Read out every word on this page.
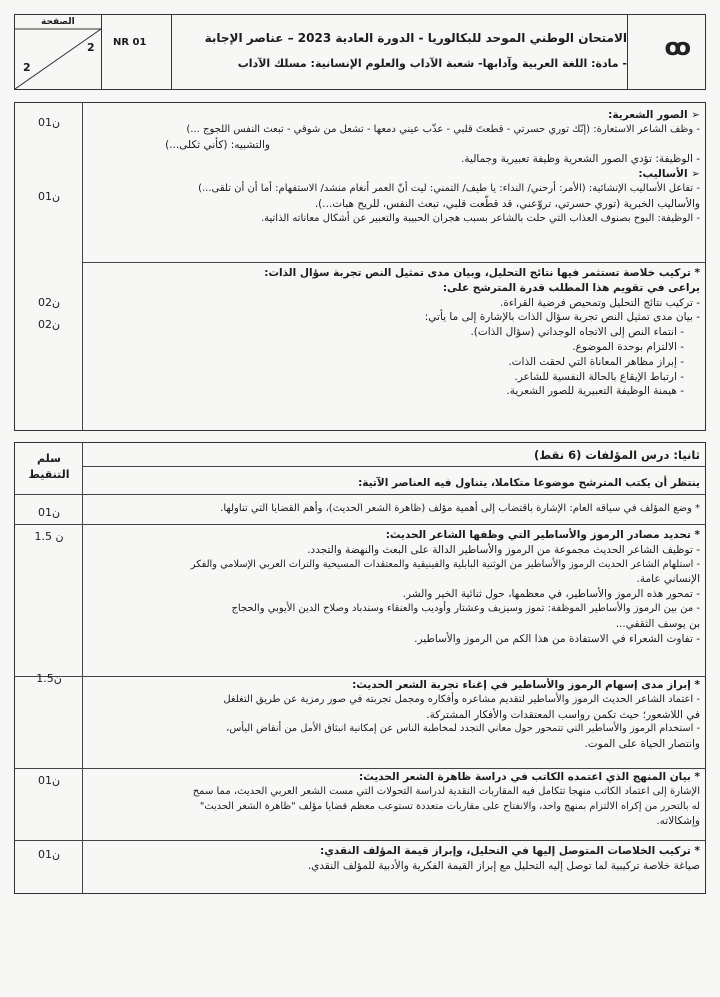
الصفحة
2
2
NR 01	الامتحان الوطني الموحد للبكالوريا - الدورة العادية 2023 – عناصر الإجابة
- مادة: اللغة العربية وآدابها- شعبة الآداب والعلوم الإنسانية: مسلك الآداب
ꝏ
01ن
01ن
02ن
02ن
➢ الصور الشعرية:
- وظف الشاعر الاستعارة: (إنّك توري حسرتي - قطعتَ قلبي - عذّب عيني دمعها - تشعل من شوقي - تبعث النفس اللجوج ...)
والتشبيه: (كأني ثكلى...)
- الوظيفة: تؤدي الصور الشعرية وظيفة تعبيرية وجمالية.
➢ الأساليب:
- تفاعل الأساليب الإنشائية: (الأمر: أرحني/ النداء: يا طيف/ التمني: ليت أنّ العمر أنغام منشد/ الاستفهام: أما أن أن تلقى...)
والأساليب الخبرية (توري حسرتي، تروّعني، قد قطّعت قلبي، تبعث النفس، للريح هبات...).
- الوظيفة: البوح بصنوف العذاب التي حلت بالشاعر بسبب هجران الحبيبة والتعبير عن أشكال معاناته الذاتية.
* تركيب خلاصة تستثمر فيها نتائج التحليل، وبيان مدى تمثيل النص تجربة سؤال الذات:
يراعى في تقويم هذا المطلب قدرة المترشح على:
- تركيب نتائج التحليل وتمحيص فرضية القراءة.
- بيان مدى تمثيل النص تجربة سؤال الذات بالإشارة إلى ما يأتي:
- انتماء النص إلى الاتجاه الوجداني (سؤال الذات).
- الالتزام بوحدة الموضوع.
- إبراز مظاهر المعاناة التي لحقت الذات.
- ارتباط الإيقاع بالحالة النفسية للشاعر.
- هيمنة الوظيفة التعبيرية للصور الشعرية.
سلم
التنقيط
ثانيا: درس المؤلفات (6 نقط)
ينتظر أن يكتب المترشح موضوعا متكاملا، يتناول فيه العناصر الآتية:
01ن
1.5 ن
1.5ن
01ن
01ن
* وضع المؤلف في سياقه العام: الإشارة باقتضاب إلى أهمية مؤلف (ظاهرة الشعر الحديث)، وأهم القضايا التي تناولها.
* تحديد مصادر الرموز والأساطير التي وظفها الشاعر الحديث:
- توظيف الشاعر الحديث مجموعة من الرموز والأساطير الدالة على البعث والنهضة والتجدد.
- استلهام الشاعر الحديث الرموز والأساطير من الوثنية البابلية والفينيقية والمعتقدات المسيحية والتراث العربي الإسلامي والفكر
الإنساني عامة.
- تمحور هذه الرموز والأساطير، في معظمها، حول ثنائية الخير والشر.
- من بين الرموز والأساطير الموظفة: تموز وسيزيف وعشتار وأوديب والعنقاء وسندباد وصلاح الدين الأيوبي والحجاج
بن يوسف الثقفي...
- تفاوت الشعراء في الاستفادة من هذا الكم من الرموز والأساطير.
* إبراز مدى إسهام الرموز والأساطير في إغناء تجربة الشعر الحديث:
- اعتماد الشاعر الحديث الرموز والأساطير لتقديم مشاعره وأفكاره ومجمل تجربته في صور رمزية عن طريق التغلغل
في اللاشعور؛ حيث تكمن رواسب المعتقدات والأفكار المشتركة.
- استخدام الرموز والأساطير التي تتمحور حول معاني التجدد لمخاطبة الناس عن إمكانية انبثاق الأمل من أنقاض اليأس،
وانتصار الحياة على الموت.
* بيان المنهج الذي اعتمده الكاتب في دراسة ظاهرة الشعر الحديث:
الإشارة إلى اعتماد الكاتب منهجا تتكامل فيه المقاربات النقدية لدراسة التحولات التي مست الشعر العربي الحديث، مما سمح
له بالتحرر من إكراه الالتزام بمنهج واحد، والانفتاح على مقاربات متعددة تستوعب معظم قضايا مؤلف "ظاهرة الشعر الحديث"
وإشكالاته.
* تركيب الخلاصات المتوصل إليها في التحليل، وإبراز قيمة المؤلف النقدي:
صياغة خلاصة تركيبية لما توصل إليه التحليل مع إبراز القيمة الفكرية والأدبية للمؤلف النقدي.
